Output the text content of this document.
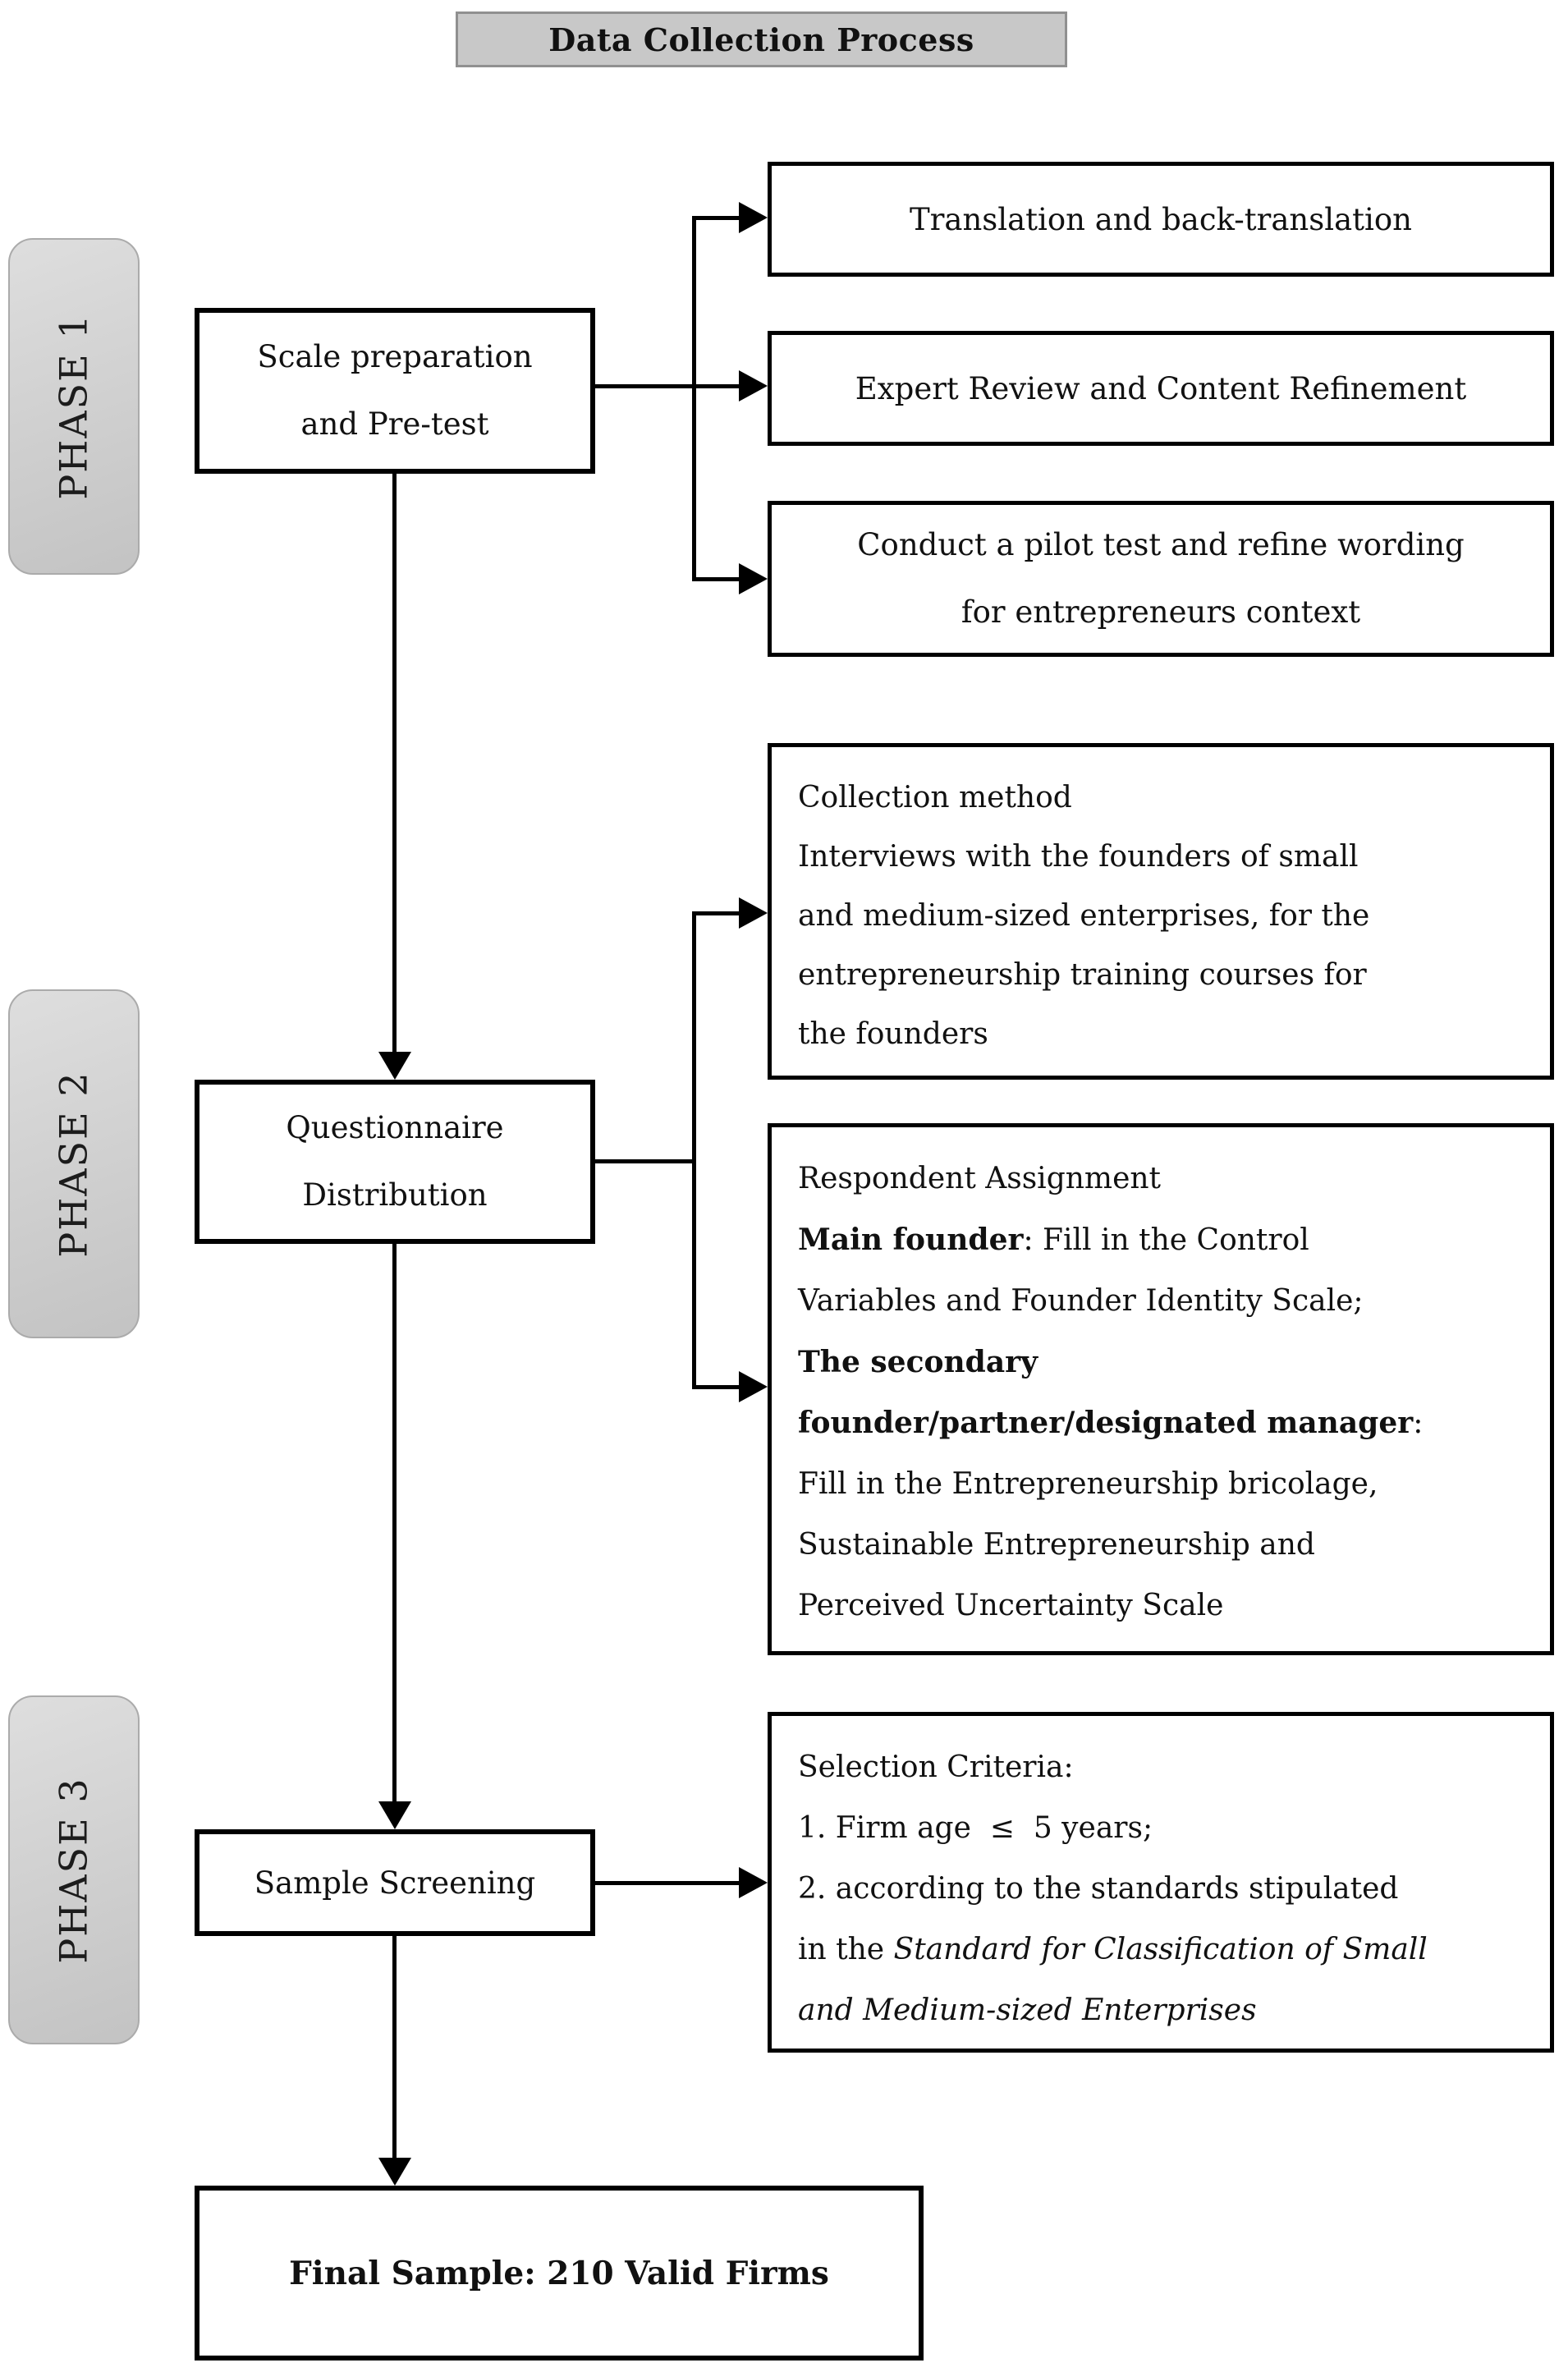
Data Collection Process
PHASE 1
PHASE 2
PHASE 3
Scale preparation
and Pre-test
Translation and back-translation
Expert Review and Content Refinement
Conduct a pilot test and refine wording
for entrepreneurs context
Questionnaire
Distribution
Collection method
Interviews with the founders of small
and medium-sized enterprises, for the
entrepreneurship training courses for
the founders
Respondent Assignment
Main founder: Fill in the Control
Variables and Founder Identity Scale;
The secondary
founder/partner/designated manager:
Fill in the Entrepreneurship bricolage,
Sustainable Entrepreneurship and
Perceived Uncertainty Scale
Sample Screening
Selection Criteria:
1. Firm age  ≤  5 years;
2. according to the standards stipulated
in the Standard for Classification of Small
and Medium-sized Enterprises
Final Sample: 210 Valid Firms
